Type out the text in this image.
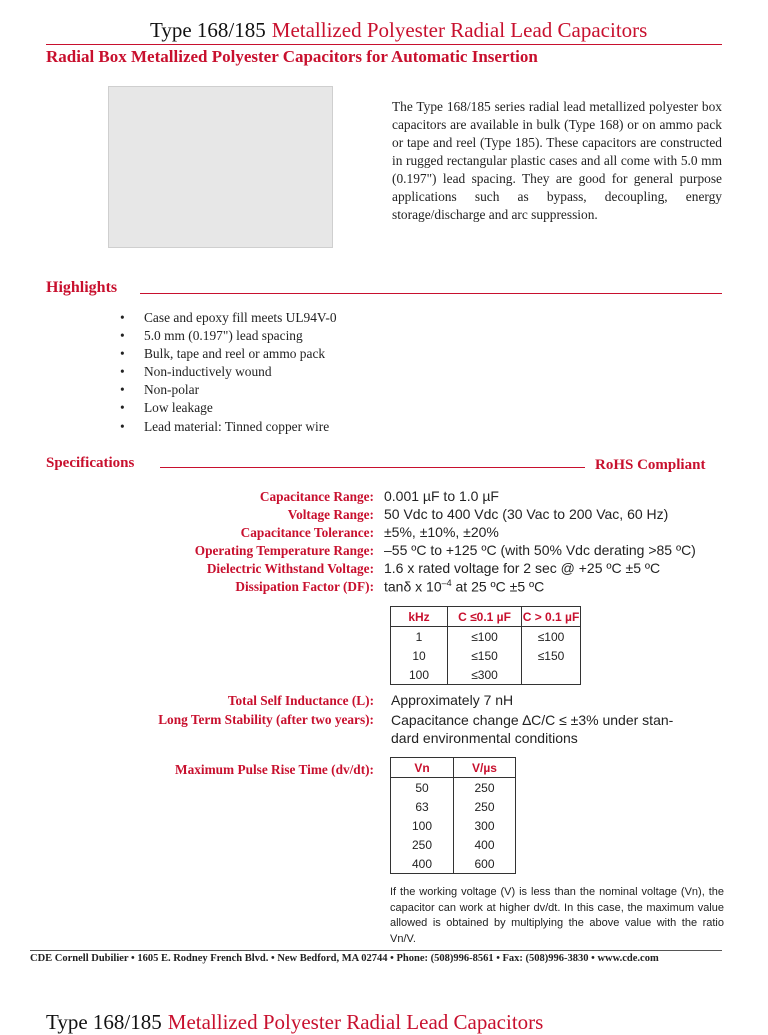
Type 168/185 Metallized Polyester Radial Lead Capacitors
Radial Box Metallized Polyester Capacitors for Automatic Insertion
The Type 168/185 series radial lead metallized polyester box capacitors are available in bulk (Type 168) or on ammo pack or tape and reel (Type 185). These capacitors are constructed in rugged rectangular plastic cases and all come with 5.0 mm (0.197") lead spacing. They are good for general purpose applications such as bypass, decoupling, energy storage/discharge and arc suppression.
Highlights
• Case and epoxy fill meets UL94V-0
• 5.0 mm (0.197") lead spacing
• Bulk, tape and reel or ammo pack
• Non-inductively wound
• Non-polar
• Low leakage
• Lead material: Tinned copper wire
Specifications	RoHS Compliant
Capacitance Range: 0.001 µF to 1.0 µF
Voltage Range: 50 Vdc to 400 Vdc (30 Vac to 200 Vac, 60 Hz)
Capacitance Tolerance: ±5%, ±10%, ±20%
Operating Temperature Range: –55 ºC to +125 ºC (with 50% Vdc derating >85 ºC)
Dielectric Withstand Voltage: 1.6 x rated voltage for 2 sec @ +25 ºC ±5 ºC
Dissipation Factor (DF): tanδ x $10^{-4}$ at 25 ºC ±5 ºC
kHz	C ≤0.1 µF	C > 0.1 µF
1	≤100	≤100
10	≤150	≤150
100	≤300	
Total Self Inductance (L): Approximately 7 nH
Long Term Stability (after two years): Capacitance change ∆C/C ≤ ±3% under stan-
dard environmental conditions
Maximum Pulse Rise Time (dv/dt):	Vn	V/µs
50	250
63	250
100	300
250	400
400	600
If the working voltage (V) is less than the nominal voltage (Vn), the capacitor can work at higher dv/dt. In this case, the maximum value allowed is obtained by multiplying the above value with the ratio Vn/V.
CDE Cornell Dubilier • 1605 E. Rodney French Blvd. • New Bedford, MA 02744 • Phone: (508)996-8561 • Fax: (508)996-3830 • www.cde.com
Type 168/185 Metallized Polyester Radial Lead Capacitors
